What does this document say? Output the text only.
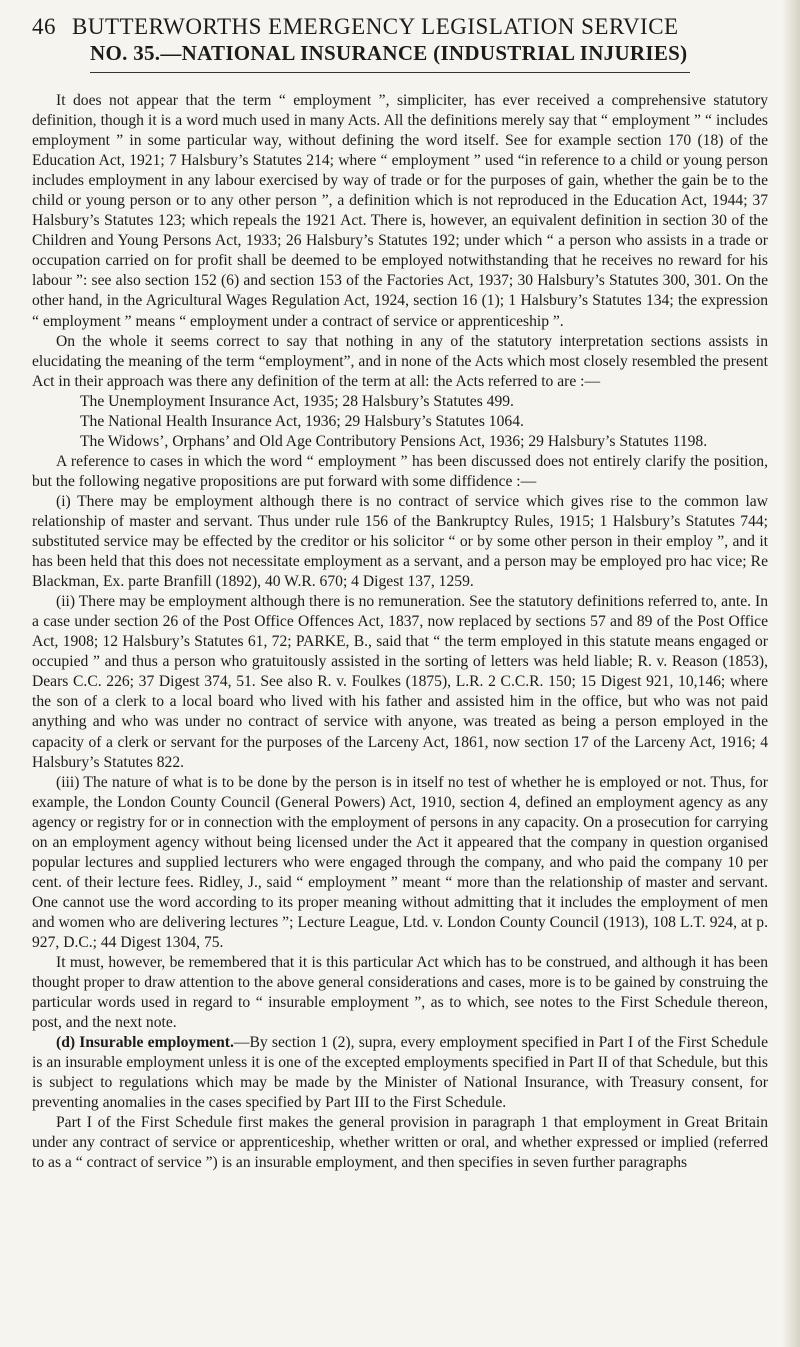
46 BUTTERWORTHS EMERGENCY LEGISLATION SERVICE
NO. 35.—NATIONAL INSURANCE (INDUSTRIAL INJURIES)

It does not appear that the term “ employment ”, simpliciter, has ever received a comprehensive statutory definition, though it is a word much used in many Acts. All the definitions merely say that “ employment ” “ includes employment ” in some particular way, without defining the word itself. See for example section 170 (18) of the Education Act, 1921; 7 Halsbury’s Statutes 214; where “ employment ” used “in reference to a child or young person includes employment in any labour exercised by way of trade or for the purposes of gain, whether the gain be to the child or young person or to any other person ”, a definition which is not reproduced in the Education Act, 1944; 37 Halsbury’s Statutes 123; which repeals the 1921 Act. There is, however, an equivalent definition in section 30 of the Children and Young Persons Act, 1933; 26 Halsbury’s Statutes 192; under which “ a person who assists in a trade or occupation carried on for profit shall be deemed to be employed notwithstanding that he receives no reward for his labour ”: see also section 152 (6) and section 153 of the Factories Act, 1937; 30 Halsbury’s Statutes 300, 301. On the other hand, in the Agricultural Wages Regulation Act, 1924, section 16 (1); 1 Halsbury’s Statutes 134; the expression “ employment ” means “ employment under a contract of service or apprenticeship ”.

On the whole it seems correct to say that nothing in any of the statutory interpretation sections assists in elucidating the meaning of the term “employment”, and in none of the Acts which most closely resembled the present Act in their approach was there any definition of the term at all: the Acts referred to are :—

The Unemployment Insurance Act, 1935; 28 Halsbury’s Statutes 499.
The National Health Insurance Act, 1936; 29 Halsbury’s Statutes 1064.
The Widows’, Orphans’ and Old Age Contributory Pensions Act, 1936; 29 Halsbury’s Statutes 1198.

A reference to cases in which the word “ employment ” has been discussed does not entirely clarify the position, but the following negative propositions are put forward with some diffidence :—

(i) There may be employment although there is no contract of service which gives rise to the common law relationship of master and servant. Thus under rule 156 of the Bankruptcy Rules, 1915; 1 Halsbury’s Statutes 744; substituted service may be effected by the creditor or his solicitor “ or by some other person in their employ ”, and it has been held that this does not necessitate employment as a servant, and a person may be employed pro hac vice; Re Blackman, Ex. parte Branfill (1892), 40 W.R. 670; 4 Digest 137, 1259.

(ii) There may be employment although there is no remuneration. See the statutory definitions referred to, ante. In a case under section 26 of the Post Office Offences Act, 1837, now replaced by sections 57 and 89 of the Post Office Act, 1908; 12 Halsbury’s Statutes 61, 72; PARKE, B., said that “ the term employed in this statute means engaged or occupied ” and thus a person who gratuitously assisted in the sorting of letters was held liable; R. v. Reason (1853), Dears C.C. 226; 37 Digest 374, 51. See also R. v. Foulkes (1875), L.R. 2 C.C.R. 150; 15 Digest 921, 10,146; where the son of a clerk to a local board who lived with his father and assisted him in the office, but who was not paid anything and who was under no contract of service with anyone, was treated as being a person employed in the capacity of a clerk or servant for the purposes of the Larceny Act, 1861, now section 17 of the Larceny Act, 1916; 4 Halsbury’s Statutes 822.

(iii) The nature of what is to be done by the person is in itself no test of whether he is employed or not. Thus, for example, the London County Council (General Powers) Act, 1910, section 4, defined an employment agency as any agency or registry for or in connection with the employment of persons in any capacity. On a prosecution for carrying on an employment agency without being licensed under the Act it appeared that the company in question organised popular lectures and supplied lecturers who were engaged through the company, and who paid the company 10 per cent. of their lecture fees. Ridley, J., said “ employment ” meant “ more than the relationship of master and servant. One cannot use the word according to its proper meaning without admitting that it includes the employment of men and women who are delivering lectures ”; Lecture League, Ltd. v. London County Council (1913), 108 L.T. 924, at p. 927, D.C.; 44 Digest 1304, 75.

It must, however, be remembered that it is this particular Act which has to be construed, and although it has been thought proper to draw attention to the above general considerations and cases, more is to be gained by construing the particular words used in regard to “ insurable employment ”, as to which, see notes to the First Schedule thereon, post, and the next note.

(d) Insurable employment.—By section 1 (2), supra, every employment specified in Part I of the First Schedule is an insurable employment unless it is one of the excepted employments specified in Part II of that Schedule, but this is subject to regulations which may be made by the Minister of National Insurance, with Treasury consent, for preventing anomalies in the cases specified by Part III to the First Schedule.

Part I of the First Schedule first makes the general provision in paragraph 1 that employment in Great Britain under any contract of service or apprenticeship, whether written or oral, and whether expressed or implied (referred to as a “ contract of service ”) is an insurable employment, and then specifies in seven further paragraphs
